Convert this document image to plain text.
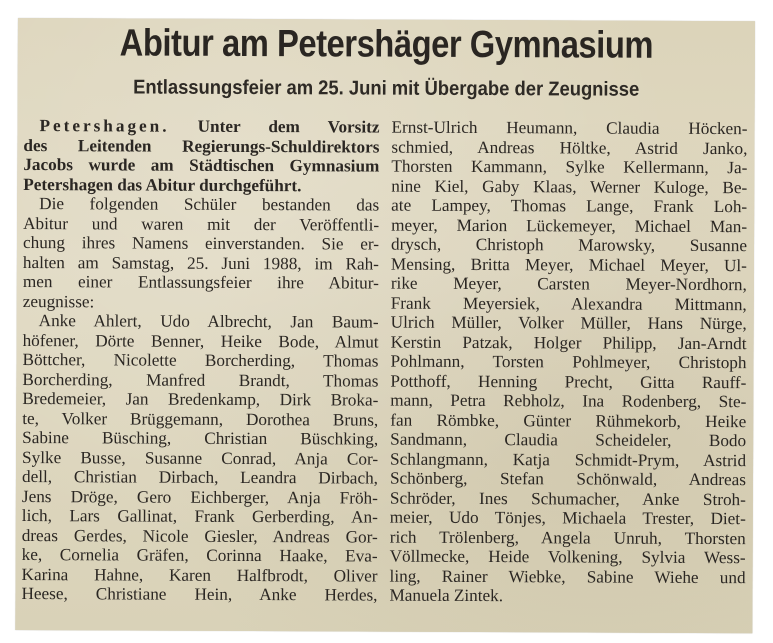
Abitur am Petershäger Gymnasium
Entlassungsfeier am 25. Juni mit Übergabe der Zeugnisse
Petershagen. Unter dem Vorsitz
des Leitenden Regierungs-Schuldirektors
Jacobs wurde am Städtischen Gymnasium
Petershagen das Abitur durchgeführt.
Die folgenden Schüler bestanden das
Abitur und waren mit der Veröffentli-
chung ihres Namens einverstanden. Sie er-
halten am Samstag, 25. Juni 1988, im Rah-
men einer Entlassungsfeier ihre Abitur-
zeugnisse:
Anke Ahlert, Udo Albrecht, Jan Baum-
höfener, Dörte Benner, Heike Bode, Almut
Böttcher, Nicolette Borcherding, Thomas
Borcherding, Manfred Brandt, Thomas
Bredemeier, Jan Bredenkamp, Dirk Broka-
te, Volker Brüggemann, Dorothea Bruns,
Sabine Büsching, Christian Büschking,
Sylke Busse, Susanne Conrad, Anja Cor-
dell, Christian Dirbach, Leandra Dirbach,
Jens Dröge, Gero Eichberger, Anja Fröh-
lich, Lars Gallinat, Frank Gerberding, An-
dreas Gerdes, Nicole Giesler, Andreas Gor-
ke, Cornelia Gräfen, Corinna Haake, Eva-
Karina Hahne, Karen Halfbrodt, Oliver
Heese, Christiane Hein, Anke Herdes,
Ernst-Ulrich Heumann, Claudia Höcken-
schmied, Andreas Höltke, Astrid Janko,
Thorsten Kammann, Sylke Kellermann, Ja-
nine Kiel, Gaby Klaas, Werner Kuloge, Be-
ate Lampey, Thomas Lange, Frank Loh-
meyer, Marion Lückemeyer, Michael Man-
drysch, Christoph Marowsky, Susanne
Mensing, Britta Meyer, Michael Meyer, Ul-
rike Meyer, Carsten Meyer-Nordhorn,
Frank Meyersiek, Alexandra Mittmann,
Ulrich Müller, Volker Müller, Hans Nürge,
Kerstin Patzak, Holger Philipp, Jan-Arndt
Pohlmann, Torsten Pohlmeyer, Christoph
Potthoff, Henning Precht, Gitta Rauff-
mann, Petra Rebholz, Ina Rodenberg, Ste-
fan Römbke, Günter Rühmekorb, Heike
Sandmann, Claudia Scheideler, Bodo
Schlangmann, Katja Schmidt-Prym, Astrid
Schönberg, Stefan Schönwald, Andreas
Schröder, Ines Schumacher, Anke Stroh-
meier, Udo Tönjes, Michaela Trester, Diet-
rich Trölenberg, Angela Unruh, Thorsten
Völlmecke, Heide Volkening, Sylvia Wess-
ling, Rainer Wiebke, Sabine Wiehe und
Manuela Zintek.
